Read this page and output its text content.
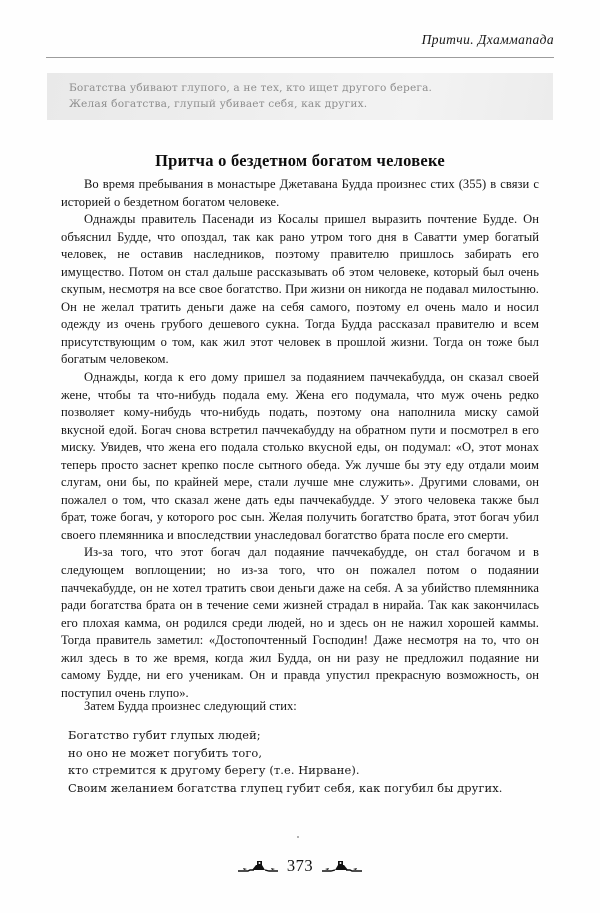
Притчи. Дхаммапада
Богатства убивают глупого, а не тех, кто ищет другого берега.
Желая богатства, глупый убивает себя, как других.
Притча о бездетном богатом человеке

Во время пребывания в монастыре Джетавана Будда произнес стих (355) в связи с историей о бездетном богатом человеке.

Однажды правитель Пасенади из Косалы пришел выразить почтение Будде. Он объяснил Будде, что опоздал, так как рано утром того дня в Саватти умер богатый человек, не оставив наследников, поэтому правителю пришлось забирать его имущество. Потом он стал дальше рассказывать об этом человеке, который был очень скупым, несмотря на все свое богатство. При жизни он никогда не подавал милостыню. Он не желал тратить деньги даже на себя самого, поэтому ел очень мало и носил одежду из очень грубого дешевого сукна. Тогда Будда рассказал правителю и всем присутствующим о том, как жил этот человек в прошлой жизни. Тогда он тоже был богатым человеком.

Однажды, когда к его дому пришел за подаянием паччекабудда, он сказал своей жене, чтобы та что-нибудь подала ему. Жена его подумала, что муж очень редко позволяет кому-нибудь что-нибудь подать, поэтому она наполнила миску самой вкусной едой. Богач снова встретил паччекабудду на обратном пути и посмотрел в его миску. Увидев, что жена его подала столько вкусной еды, он подумал: «О, этот монах теперь просто заснет крепко после сытного обеда. Уж лучше бы эту еду отдали моим слугам, они бы, по крайней мере, стали лучше мне служить». Другими словами, он пожалел о том, что сказал жене дать еды паччекабудде. У этого человека также был брат, тоже богач, у которого рос сын. Желая получить богатство брата, этот богач убил своего племянника и впоследствии унаследовал богатство брата после его смерти.

Из-за того, что этот богач дал подаяние паччекабудде, он стал богачом и в следующем воплощении; но из-за того, что он пожалел потом о подаянии паччекабудде, он не хотел тратить свои деньги даже на себя. А за убийство племянника ради богатства брата он в течение семи жизней страдал в нирайа. Так как закончилась его плохая камма, он родился среди людей, но и здесь он не нажил хорошей каммы. Тогда правитель заметил: «Достопочтенный Господин! Даже несмотря на то, что он жил здесь в то же время, когда жил Будда, он ни разу не предложил подаяние ни самому Будде, ни его ученикам. Он и правда упустил прекрасную возможность, он поступил очень глупо».

Затем Будда произнес следующий стих:
Богатство губит глупых людей;
но оно не может погубить того,
кто стремится к другому берегу (т.е. Нирване).
Своим желанием богатства глупец губит себя, как погубил бы других.
373
